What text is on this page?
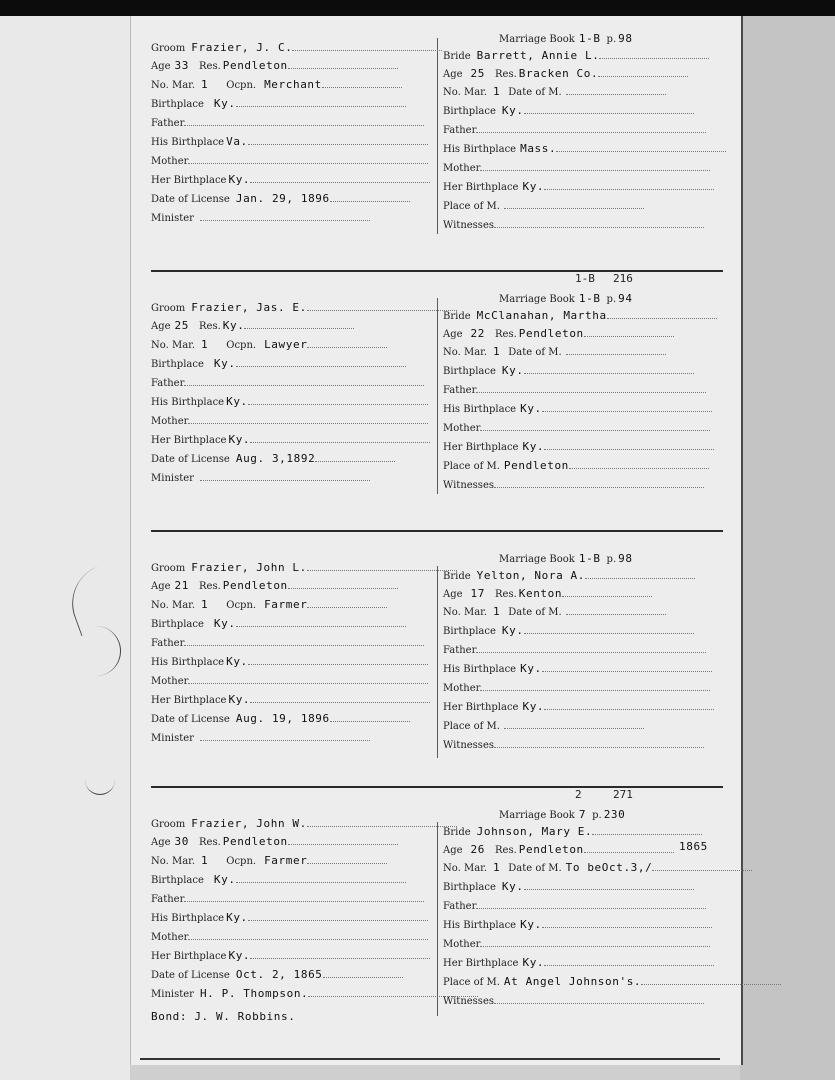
Groom Frazier, J. C.
Age 33 Res. Pendleton
No. Mar. 1 Ocpn. Merchant
Birthplace Ky.
Father
His Birthplace Va.
Mother
Her Birthplace Ky.
Date of License Jan. 29, 1896
Minister
Marriage Book 1-B p. 98
Bride Barrett, Annie L.
Age 25 Res. Bracken Co.
No. Mar. 1 Date of M.
Birthplace Ky.
Father
His Birthplace Mass.
Mother
Her Birthplace Ky.
Place of M.
Witnesses
Groom Frazier, Jas. E.
Age 25 Res. Ky.
No. Mar. 1 Ocpn. Lawyer
Birthplace Ky.
Father
His Birthplace Ky.
Mother
Her Birthplace Ky.
Date of License Aug. 3,1892
Minister
Marriage Book 1-B p. 94
Bride McClanahan, Martha
Age 22 Res. Pendleton
No. Mar. 1 Date of M.
Birthplace Ky.
Father
His Birthplace Ky.
Mother
Her Birthplace Ky.
Place of M. Pendleton
Witnesses
Groom Frazier, John L.
Age 21 Res. Pendleton
No. Mar. 1 Ocpn. Farmer
Birthplace Ky.
Father
His Birthplace Ky.
Mother
Her Birthplace Ky.
Date of License Aug. 19, 1896
Minister
Marriage Book 1-B p. 98
Bride Yelton, Nora A.
Age 17 Res. Kenton
No. Mar. 1 Date of M.
Birthplace Ky.
Father
His Birthplace Ky.
Mother
Her Birthplace Ky.
Place of M.
Witnesses
Groom Frazier, John W.
Age 30 Res. Pendleton
No. Mar. 1 Ocpn. Farmer
Birthplace Ky.
Father
His Birthplace Ky.
Mother
Her Birthplace Ky.
Date of License Oct. 2, 1865
Minister H. P. Thompson.
Marriage Book 7 p. 230
Bride Johnson, Mary E.
Age 26 Res. Pendleton
No. Mar. 1 Date of M. To beOct.3,/
Birthplace Ky.
Father
His Birthplace Ky.
Mother
Her Birthplace Ky.
Place of M. At Angel Johnson's.
Witnesses
1-B 216
2	271
1865
Bond: J. W. Robbins.
